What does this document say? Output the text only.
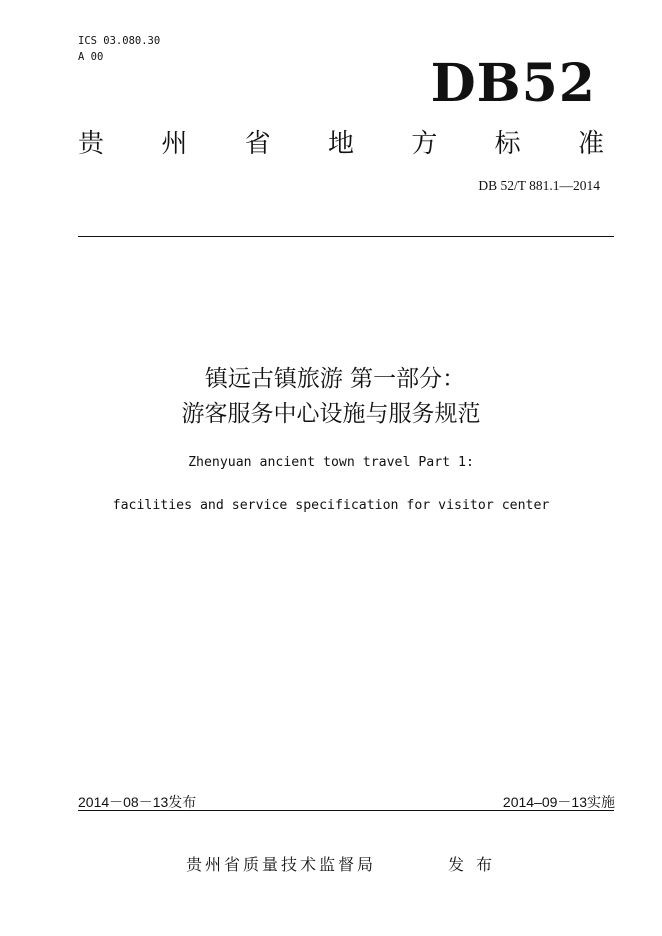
ICS 03.080.30
A 00	DB52
贵 州 省 地 方 标 准
DB 52/T 881.1—2014
镇远古镇旅游 第一部分：
游客服务中心设施与服务规范
Zhenyuan ancient town travel Part 1:
facilities and service specification for visitor center
2014－08－13发布	2014–09－13实施
贵州省质量技术监督局	发布
